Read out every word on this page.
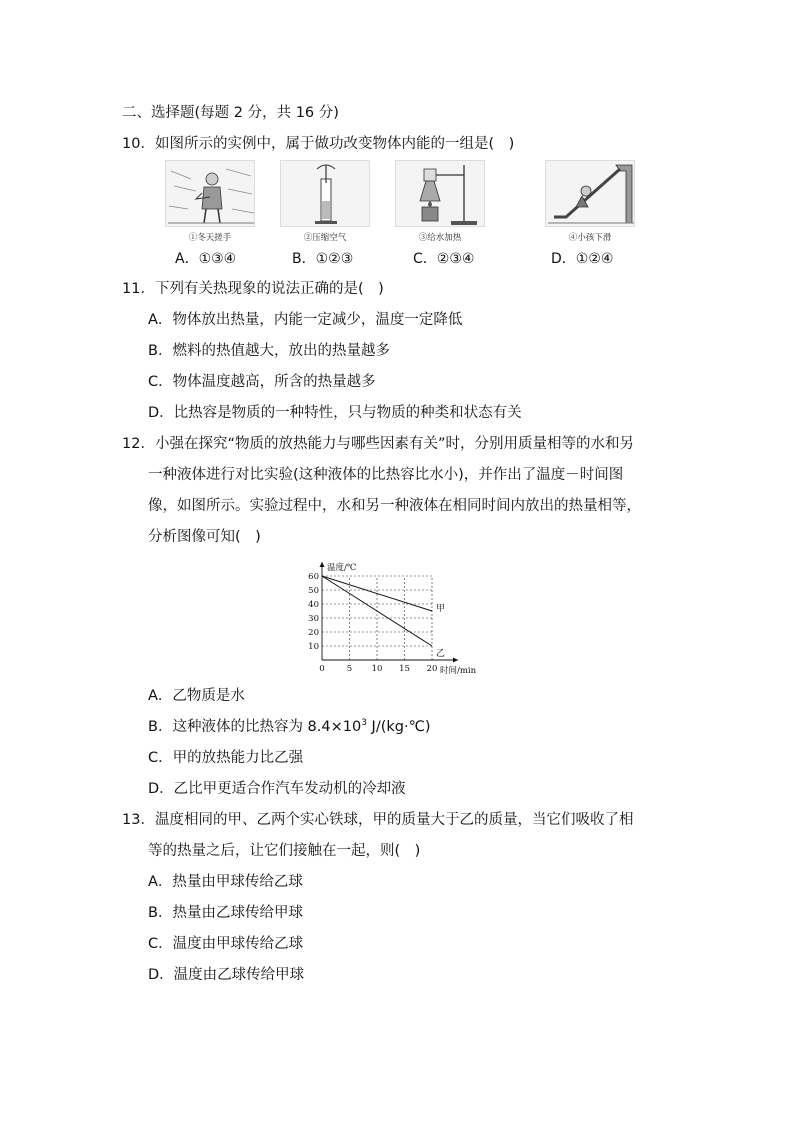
二、选择题(每题 2 分，共 16 分)
10．如图所示的实例中，属于做功改变物体内能的一组是(　)
①冬天搓手	②压缩空气	③给水加热	④小孩下滑
A．①③④	B．①②③	C．②③④	D．①②④
11．下列有关热现象的说法正确的是(　)
A．物体放出热量，内能一定减少，温度一定降低
B．燃料的热值越大，放出的热量越多
C．物体温度越高，所含的热量越多
D．比热容是物质的一种特性，只与物质的种类和状态有关
12．小强在探究“物质的放热能力与哪些因素有关”时，分别用质量相等的水和另
一种液体进行对比实验(这种液体的比热容比水小)，并作出了温度－时间图
像，如图所示。实验过程中，水和另一种液体在相同时间内放出的热量相等，
分析图像可知(　)
0	5 10 15 20
10
20
30
40
50
60
甲
乙
温度/℃
时间/min
A．乙物质是水
B．这种液体的比热容为 $8.4\times 10^3$ J/(kg·℃)
C．甲的放热能力比乙强
D．乙比甲更适合作汽车发动机的冷却液
13．温度相同的甲、乙两个实心铁球，甲的质量大于乙的质量，当它们吸收了相
等的热量之后，让它们接触在一起，则(　)
A．热量由甲球传给乙球
B．热量由乙球传给甲球
C．温度由甲球传给乙球
D．温度由乙球传给甲球
